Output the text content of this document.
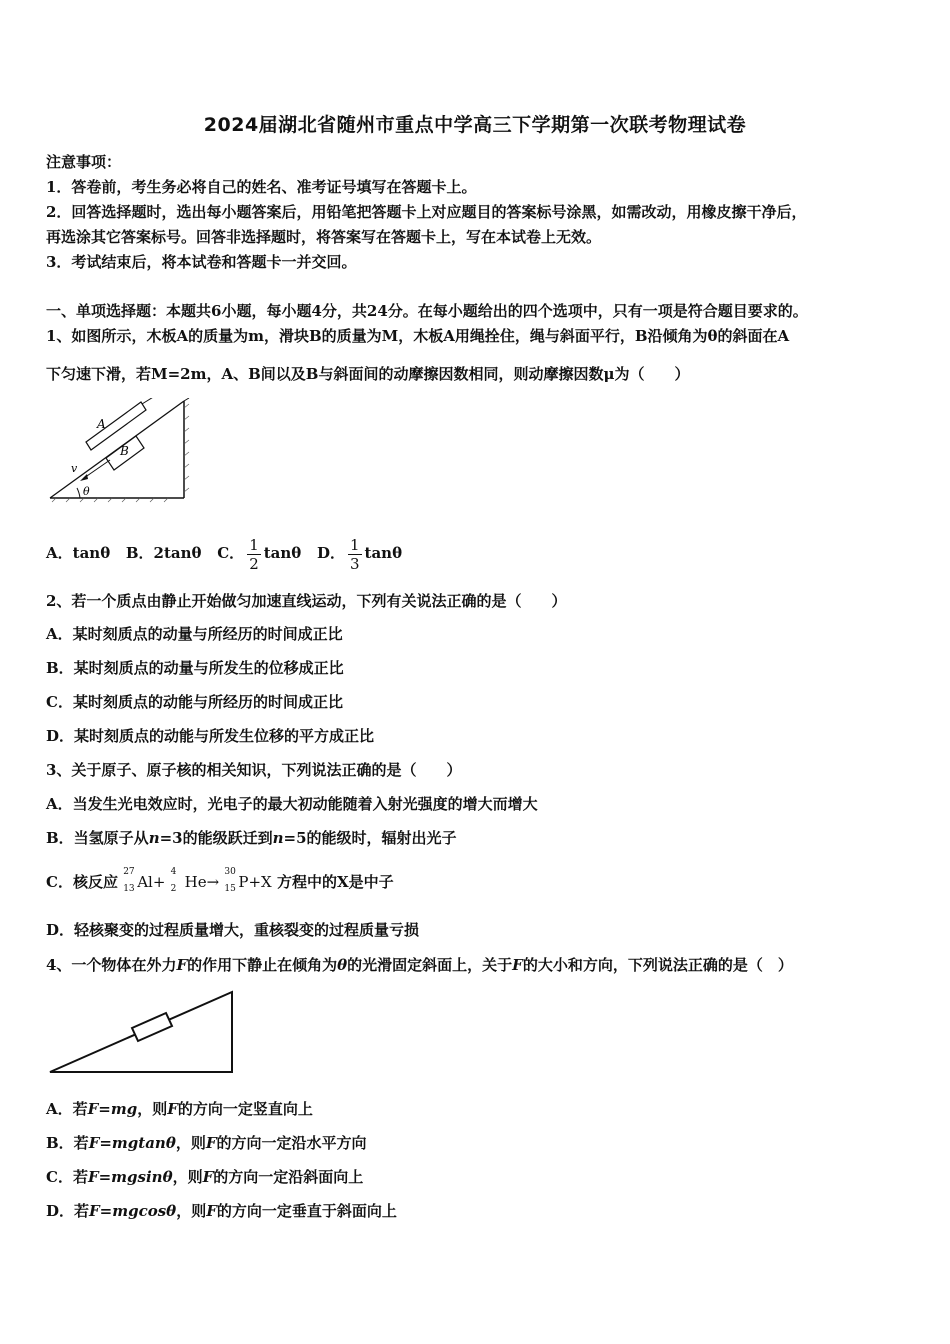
2024届湖北省随州市重点中学高三下学期第一次联考物理试卷
注意事项：
1．答卷前，考生务必将自己的姓名、准考证号填写在答题卡上。
2．回答选择题时，选出每小题答案后，用铅笔把答题卡上对应题目的答案标号涂黑，如需改动，用橡皮擦干净后，
再选涂其它答案标号。回答非选择题时，将答案写在答题卡上，写在本试卷上无效。
3．考试结束后，将本试卷和答题卡一并交回。
一、单项选择题：本题共6小题，每小题4分，共24分。在每小题给出的四个选项中，只有一项是符合题目要求的。
1、如图所示，木板A的质量为m，滑块B的质量为M，木板A用绳拴住，绳与斜面平行，B沿倾角为θ的斜面在A
下匀速下滑，若M=2m，A、B间以及B与斜面间的动摩擦因数相同，则动摩擦因数μ为（　　）
A
B
v
θ
A．tanθ B．2tanθ C． $\frac{1}{2}$ tanθ D． $\frac{1}{3}$ tanθ
2、若一个质点由静止开始做匀加速直线运动，下列有关说法正确的是（　　）
A．某时刻质点的动量与所经历的时间成正比
B．某时刻质点的动量与所发生的位移成正比
C．某时刻质点的动能与所经历的时间成正比
D．某时刻质点的动能与所发生位移的平方成正比
3、关于原子、原子核的相关知识，下列说法正确的是（　　）
A．当发生光电效应时，光电子的最大初动能随着入射光强度的增大而增大
B．当氢原子从n=3的能级跃迁到n=5的能级时，辐射出光子
C．核反应
27
13 Al+
4
2 He→
30
15 P+X 方程中的X是中子
D．轻核聚变的过程质量增大，重核裂变的过程质量亏损
4、一个物体在外力F的作用下静止在倾角为θ的光滑固定斜面上，关于F的大小和方向，下列说法正确的是（　）
A．若F=mg，则F的方向一定竖直向上
B．若F=mgtanθ，则F的方向一定沿水平方向
C．若F=mgsinθ，则F的方向一定沿斜面向上
D．若F=mgcosθ，则F的方向一定垂直于斜面向上
